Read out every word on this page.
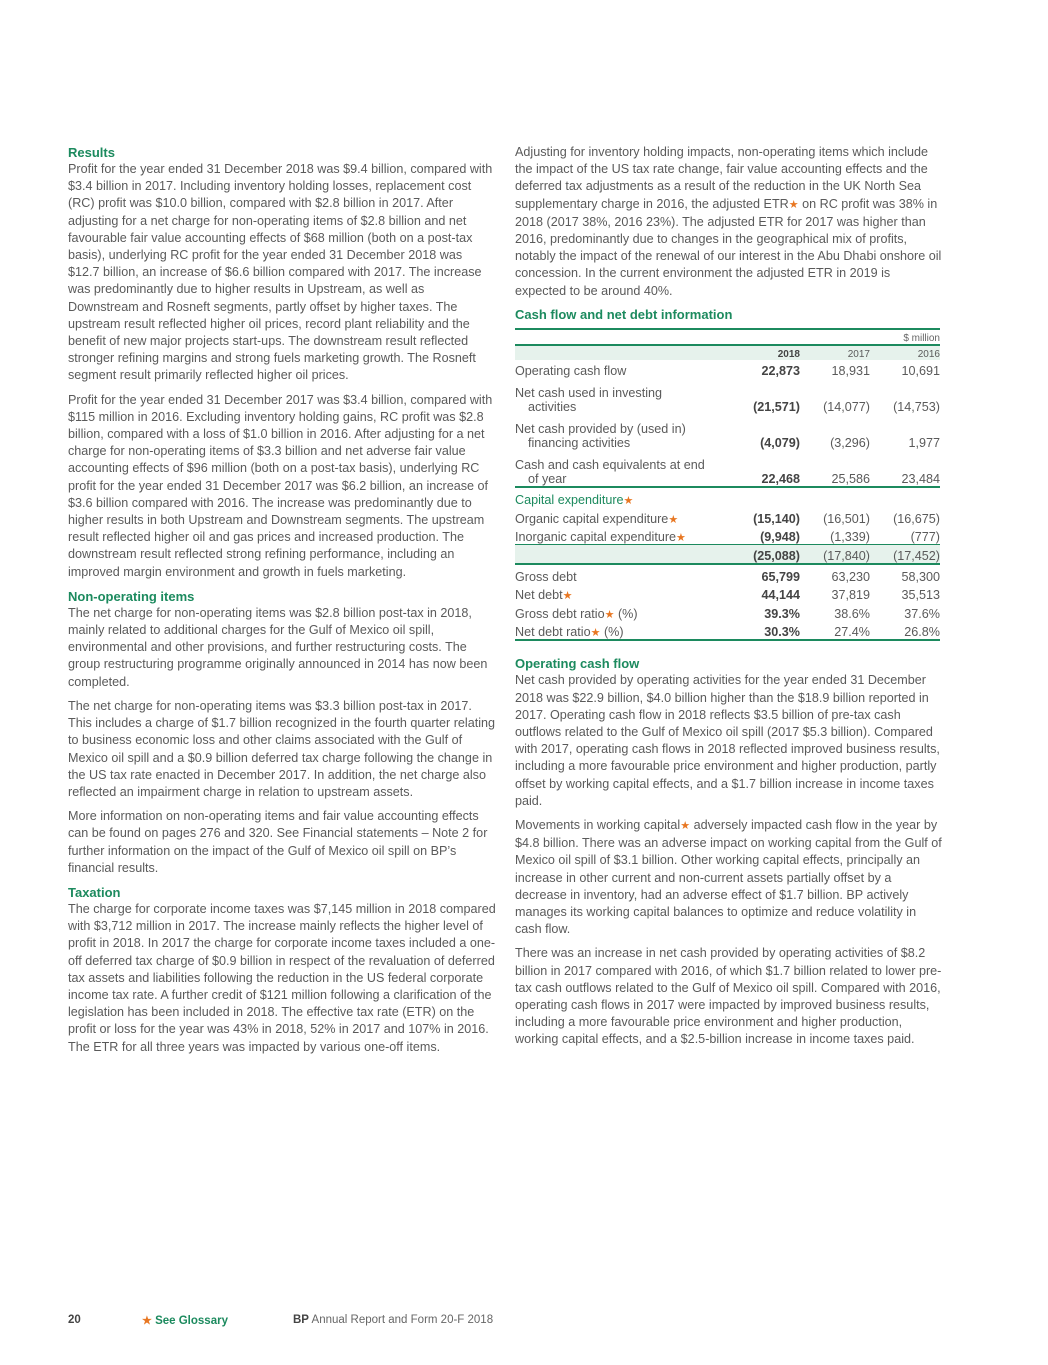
Results

Profit for the year ended 31 December 2018 was $9.4 billion, compared with $3.4 billion in 2017. Including inventory holding losses, replacement cost (RC) profit was $10.0 billion, compared with $2.8 billion in 2017. After adjusting for a net charge for non-operating items of $2.8 billion and net favourable fair value accounting effects of $68 million (both on a post-tax basis), underlying RC profit for the year ended 31 December 2018 was $12.7 billion, an increase of $6.6 billion compared with 2017. The increase was predominantly due to higher results in Upstream, as well as Downstream and Rosneft segments, partly offset by higher taxes. The upstream result reflected higher oil prices, record plant reliability and the benefit of new major projects start-ups. The downstream result reflected stronger refining margins and strong fuels marketing growth. The Rosneft segment result primarily reflected higher oil prices.

Profit for the year ended 31 December 2017 was $3.4 billion, compared with $115 million in 2016. Excluding inventory holding gains, RC profit was $2.8 billion, compared with a loss of $1.0 billion in 2016. After adjusting for a net charge for non-operating items of $3.3 billion and net adverse fair value accounting effects of $96 million (both on a post-tax basis), underlying RC profit for the year ended 31 December 2017 was $6.2 billion, an increase of $3.6 billion compared with 2016. The increase was predominantly due to higher results in both Upstream and Downstream segments. The upstream result reflected higher oil and gas prices and increased production. The downstream result reflected strong refining performance, including an improved margin environment and growth in fuels marketing.

Non-operating items

The net charge for non-operating items was $2.8 billion post-tax in 2018, mainly related to additional charges for the Gulf of Mexico oil spill, environmental and other provisions, and further restructuring costs. The group restructuring programme originally announced in 2014 has now been completed.

The net charge for non-operating items was $3.3 billion post-tax in 2017. This includes a charge of $1.7 billion recognized in the fourth quarter relating to business economic loss and other claims associated with the Gulf of Mexico oil spill and a $0.9 billion deferred tax charge following the change in the US tax rate enacted in December 2017. In addition, the net charge also reflected an impairment charge in relation to upstream assets.

More information on non-operating items and fair value accounting effects can be found on pages 276 and 320. See Financial statements – Note 2 for further information on the impact of the Gulf of Mexico oil spill on BP’s financial results.

Taxation

The charge for corporate income taxes was $7,145 million in 2018 compared with $3,712 million in 2017. The increase mainly reflects the higher level of profit in 2018. In 2017 the charge for corporate income taxes included a one-off deferred tax charge of $0.9 billion in respect of the revaluation of deferred tax assets and liabilities following the reduction in the US federal corporate income tax rate. A further credit of $121 million following a clarification of the legislation has been included in 2018. The effective tax rate (ETR) on the profit or loss for the year was 43% in 2018, 52% in 2017 and 107% in 2016. The ETR for all three years was impacted by various one-off items.

Adjusting for inventory holding impacts, non-operating items which include the impact of the US tax rate change, fair value accounting effects and the deferred tax adjustments as a result of the reduction in the UK North Sea supplementary charge in 2016, the adjusted ETR★ on RC profit was 38% in 2018 (2017 38%, 2016 23%). The adjusted ETR for 2017 was higher than 2016, predominantly due to changes in the geographical mix of profits, notably the impact of the renewal of our interest in the Abu Dhabi onshore oil concession. In the current environment the adjusted ETR in 2019 is expected to be around 40%.

Cash flow and net debt information
$ million			
	2018	2017	2016

Operating cash flow	22,873	18,931	10,691

Net cash used in investing
activities	(21,571)	(14,077)	(14,753)

Net cash provided by (used in)
financing activities	(4,079)	(3,296)	1,977

Cash and cash equivalents at end
of year	22,468	25,586	23,484
Capital expenditure★			
Organic capital expenditure★	(15,140)	(16,501)	(16,675)
Inorganic capital expenditure★	(9,948)	(1,339)	(777)
	(25,088)	(17,840)	(17,452)
Gross debt	65,799	63,230	58,300
Net debt★	44,144	37,819	35,513
Gross debt ratio★ (%)	39.3%	38.6%	37.6%
Net debt ratio★ (%)	30.3%	27.4%	26.8%
Operating cash flow

Net cash provided by operating activities for the year ended 31 December 2018 was $22.9 billion, $4.0 billion higher than the $18.9 billion reported in 2017. Operating cash flow in 2018 reflects $3.5 billion of pre-tax cash outflows related to the Gulf of Mexico oil spill (2017 $5.3 billion). Compared with 2017, operating cash flows in 2018 reflected improved business results, including a more favourable price environment and higher production, partly offset by working capital effects, and a $1.7 billion increase in income taxes paid.

Movements in working capital★ adversely impacted cash flow in the year by $4.8 billion. There was an adverse impact on working capital from the Gulf of Mexico oil spill of $3.1 billion. Other working capital effects, principally an increase in other current and non-current assets partially offset by a decrease in inventory, had an adverse effect of $1.7 billion. BP actively manages its working capital balances to optimize and reduce volatility in cash flow.

There was an increase in net cash provided by operating activities of $8.2 billion in 2017 compared with 2016, of which $1.7 billion related to lower pre-tax cash outflows related to the Gulf of Mexico oil spill. Compared with 2016, operating cash flows in 2017 were impacted by improved business results, including a more favourable price environment and higher production, working capital effects, and a $2.5-billion increase in income taxes paid.

20	★ See Glossary	BP Annual Report and Form 20-F 2018
